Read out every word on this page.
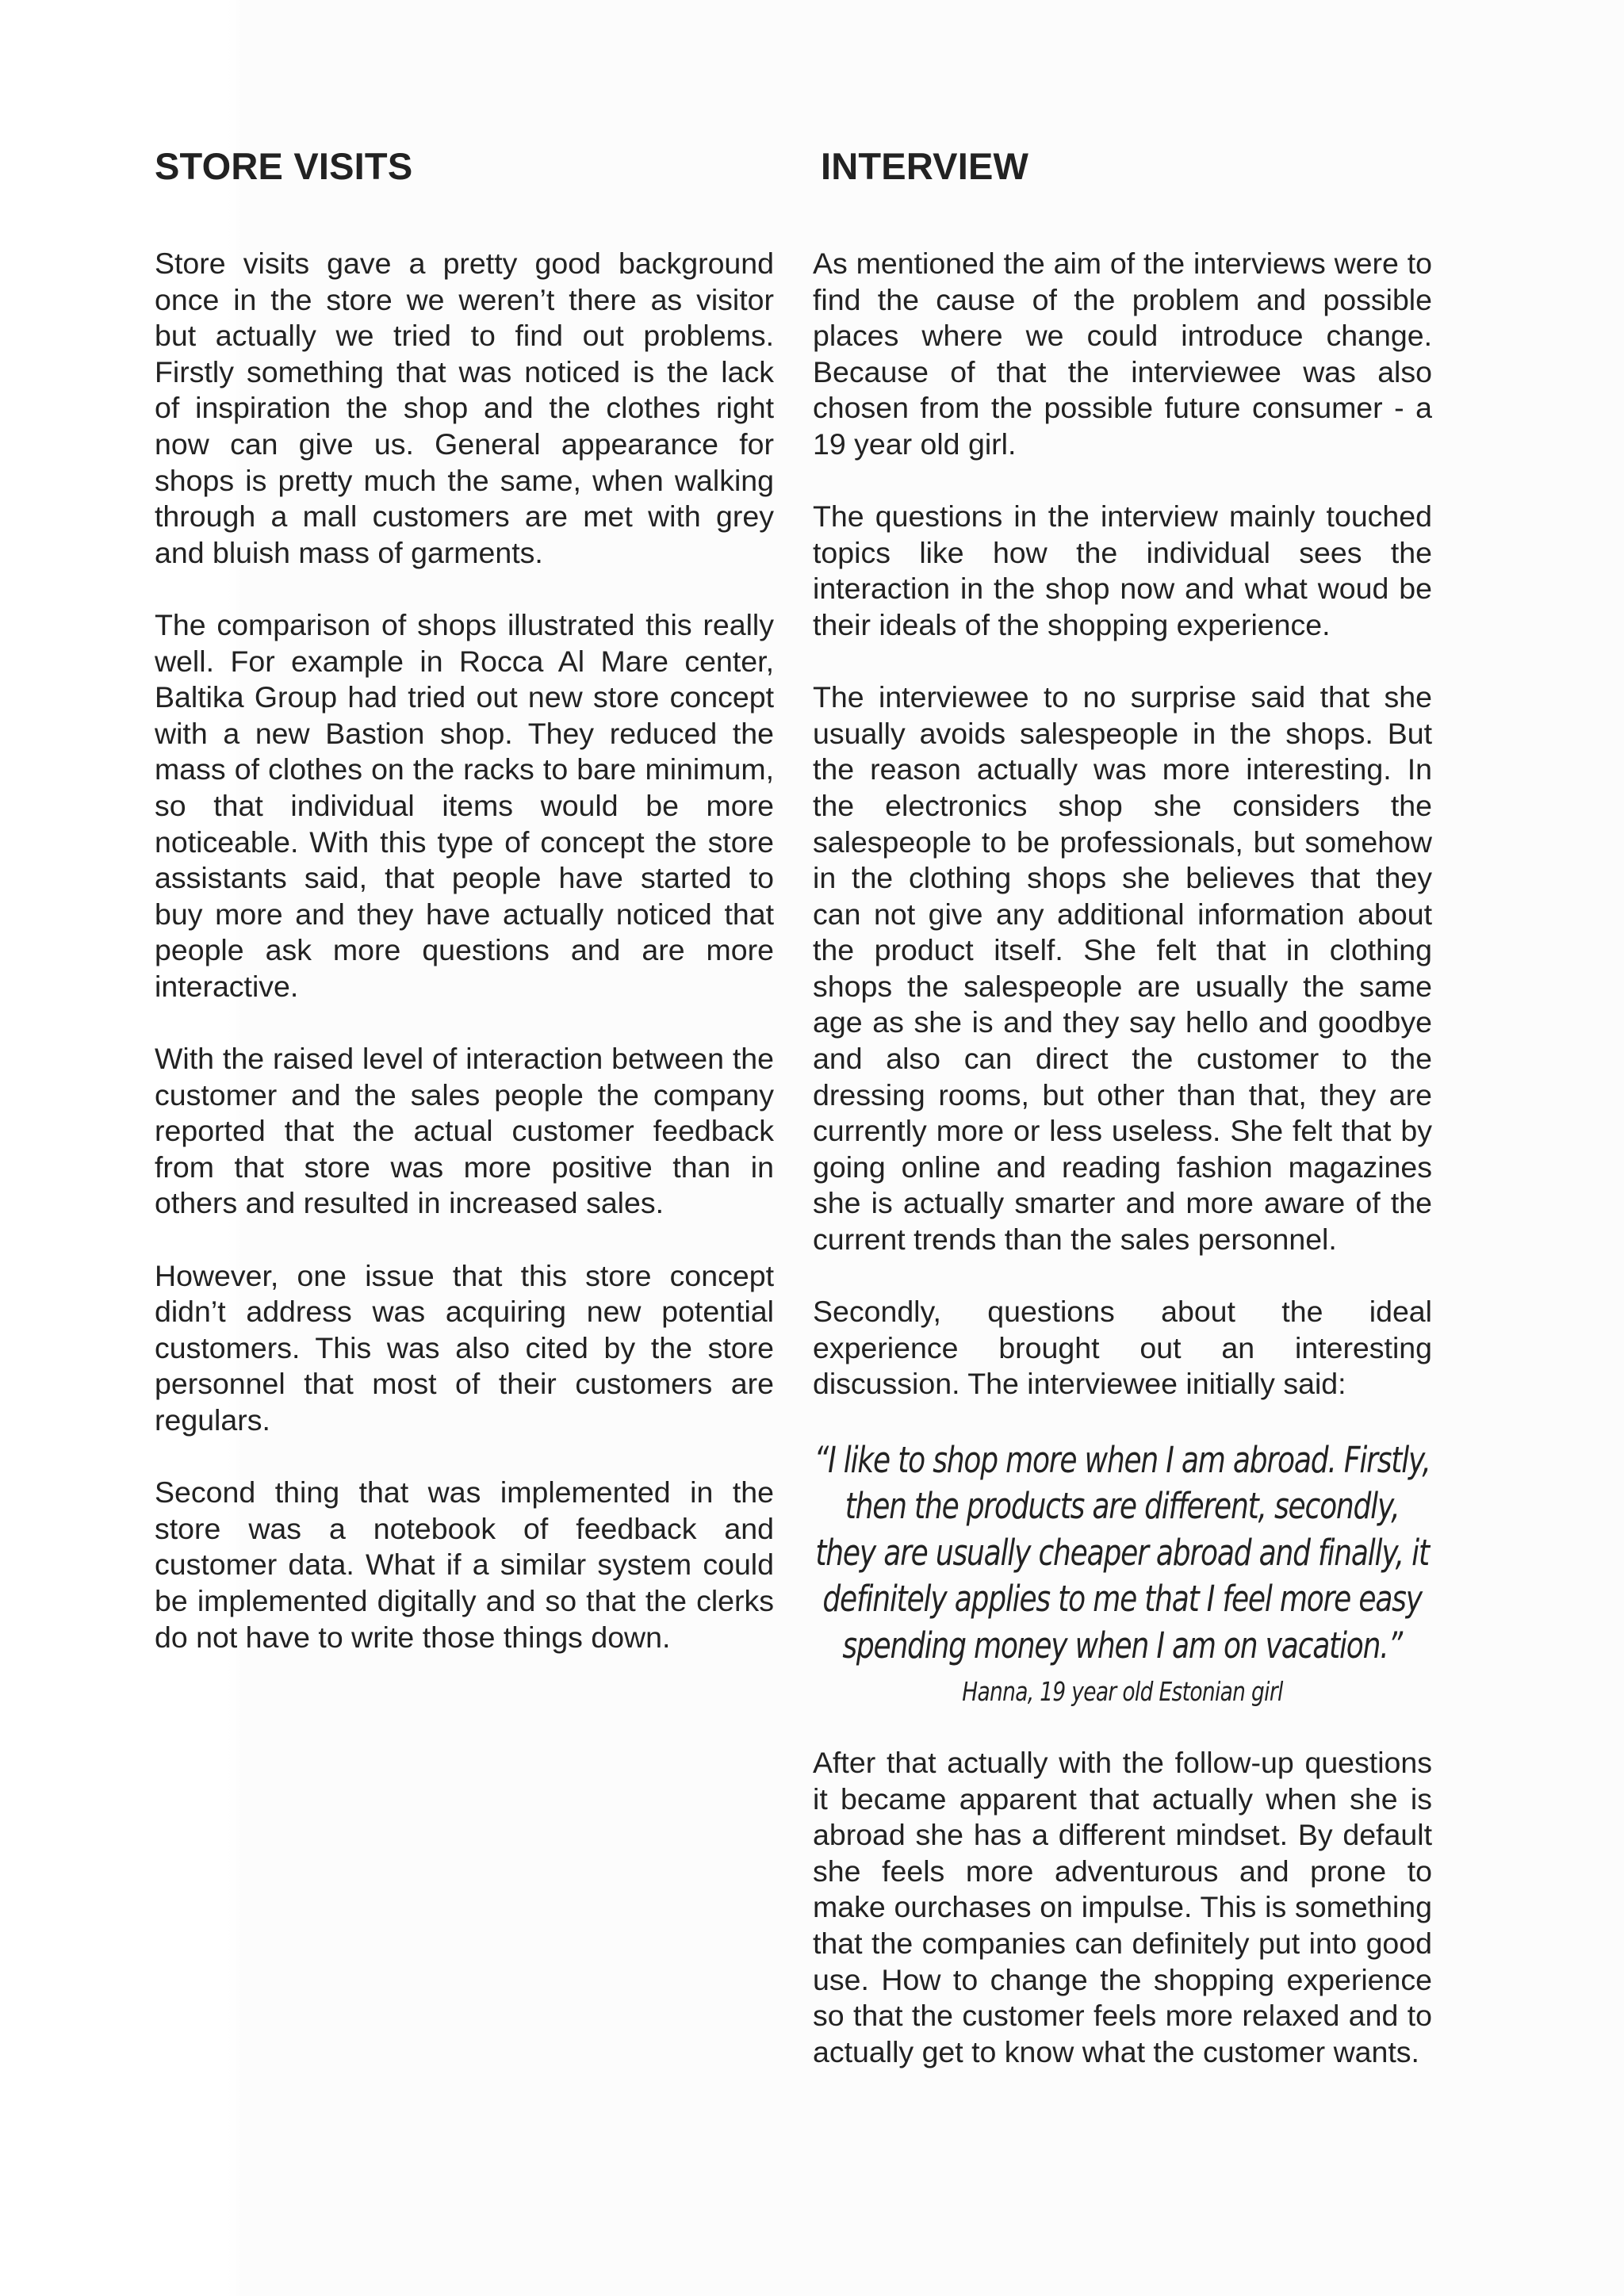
STORE VISITS

Store visits gave a pretty good background once in the store we weren’t there as visitor but actually we tried to find out problems. Firstly something that was noticed is the lack of inspiration the shop and the clothes right now can give us. General appearance for shops is pretty much the same, when walking through a mall customers are met with grey and bluish mass of garments.

The comparison of shops illustrated this really well. For example in Rocca Al Mare center, Baltika Group had tried out new store concept with a new Bastion shop. They reduced the mass of clothes on the racks to bare minimum, so that individual items would be more noticeable. With this type of concept the store assistants said, that people have started to buy more and they have actually noticed that people ask more questions and are more interactive.

With the raised level of interaction between the customer and the sales people the company reported that the actual customer feedback from that store was more positive than in others and resulted in increased sales.

However, one issue that this store concept didn’t address was acquiring new potential customers. This was also cited by the store personnel that most of their customers are regulars.

Second thing that was implemented in the store was a notebook of feedback and customer data. What if a similar system could be implemented digitally and so that the clerks do not have to write those things down.

INTERVIEW

As mentioned the aim of the interviews were to find the cause of the problem and possible places where we could introduce change. Because of that the interviewee was also chosen from the possible future consumer - a 19 year old girl.

The questions in the interview mainly touched topics like how the individual sees the interaction in the shop now and what woud be their ideals of the shopping experience.

The interviewee to no surprise said that she usually avoids salespeople in the shops. But the reason actually was more interesting. In the electronics shop she considers the salespeople to be professionals, but somehow in the clothing shops she believes that they can not give any additional information about the product itself. She felt that in clothing shops the salespeople are usually the same age as she is and they say hello and goodbye and also can direct the customer to the dressing rooms, but other than that, they are currently more or less useless. She felt that by going online and reading fashion magazines she is actually smarter and more aware of the current trends than the sales personnel.

Secondly, questions about the ideal experience brought out an interesting discussion. The interviewee initially said:

“I like to shop more when I am abroad. Firstly, then the products are different, secondly, they are usually cheaper abroad and finally, it definitely applies to me that I feel more easy spending money when I am on vacation.”

Hanna, 19 year old Estonian girl

After that actually with the follow-up questions it became apparent that actually when she is abroad she has a different mindset. By default she feels more adventurous and prone to make ourchases on impulse. This is something that the companies can definitely put into good use. How to change the shopping experience so that the customer feels more relaxed and to actually get to know what the customer wants.
